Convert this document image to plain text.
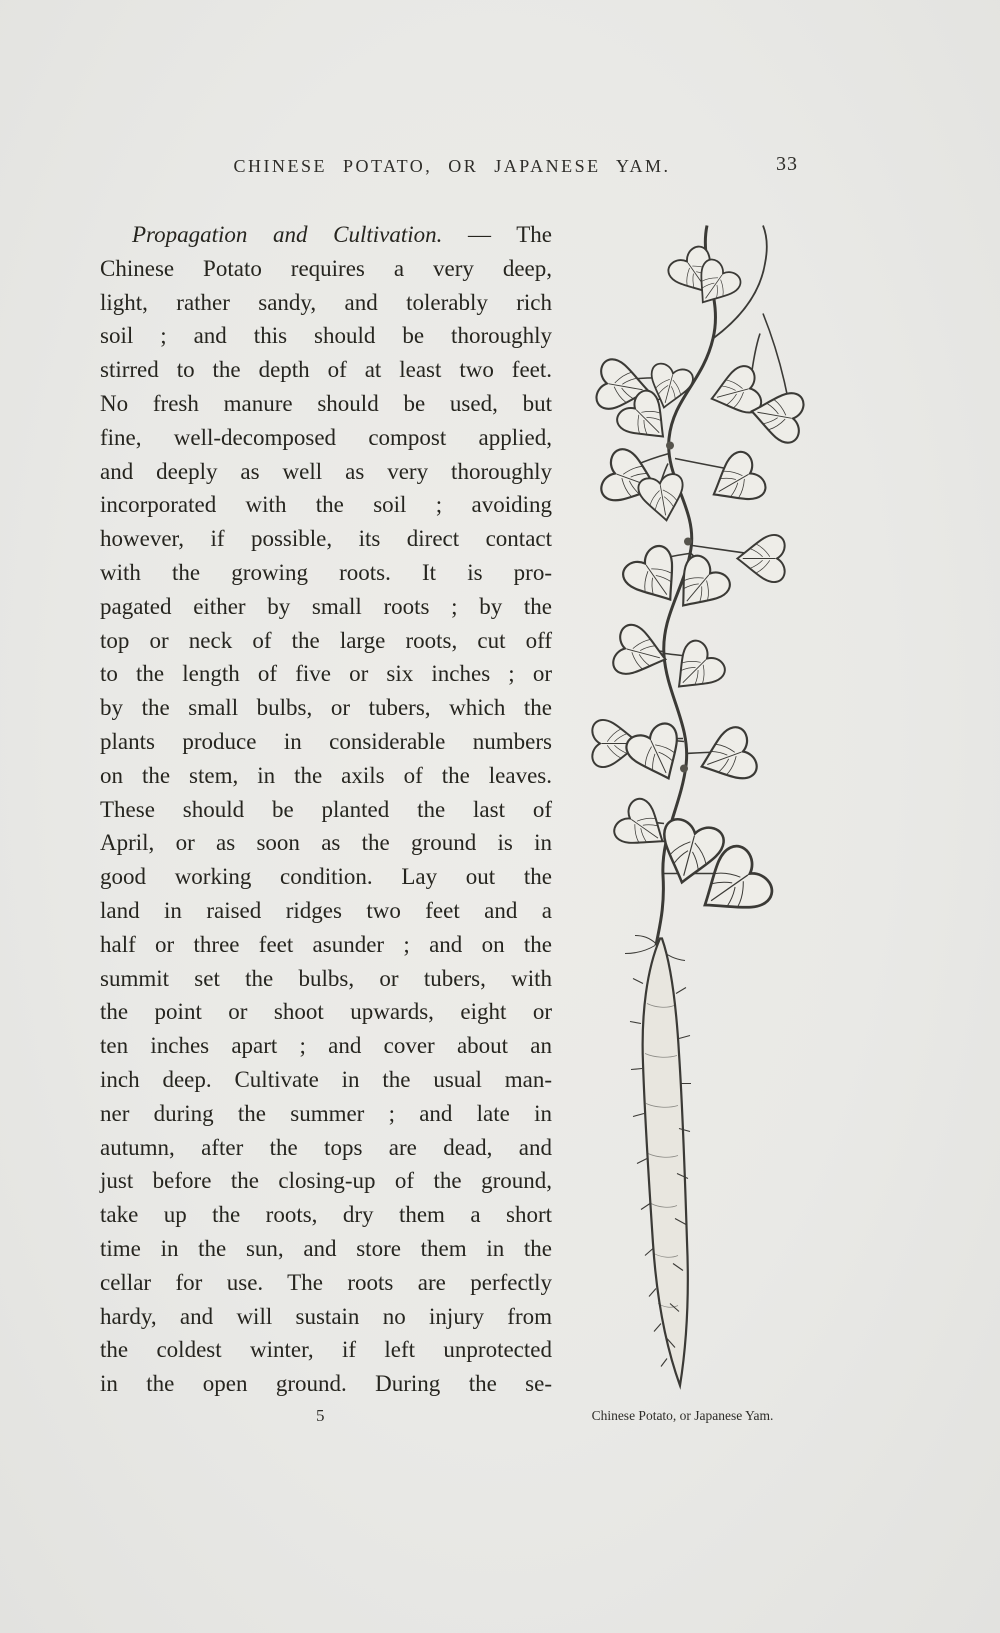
CHINESE POTATO, OR JAPANESE YAM.	33
Propagation and Cultivation. — The
Chinese Potato requires a very deep,
light, rather sandy, and tolerably rich
soil ; and this should be thoroughly
stirred to the depth of at least two feet.
No fresh manure should be used, but
fine, well-decomposed compost applied,
and deeply as well as very thoroughly
incorporated with the soil ; avoiding
however, if possible, its direct contact
with the growing roots. It is pro-
pagated either by small roots ; by the
top or neck of the large roots, cut off
to the length of five or six inches ; or
by the small bulbs, or tubers, which the
plants produce in considerable numbers
on the stem, in the axils of the leaves.
These should be planted the last of
April, or as soon as the ground is in
good working condition. Lay out the
land in raised ridges two feet and a
half or three feet asunder ; and on the
summit set the bulbs, or tubers, with
the point or shoot upwards, eight or
ten inches apart ; and cover about an
inch deep. Cultivate in the usual man-
ner during the summer ; and late in
autumn, after the tops are dead, and
just before the closing-up of the ground,
take up the roots, dry them a short
time in the sun, and store them in the
cellar for use. The roots are perfectly
hardy, and will sustain no injury from
the coldest winter, if left unprotected
in the open ground. During the se-
5	Chinese Potato, or Japanese Yam.
